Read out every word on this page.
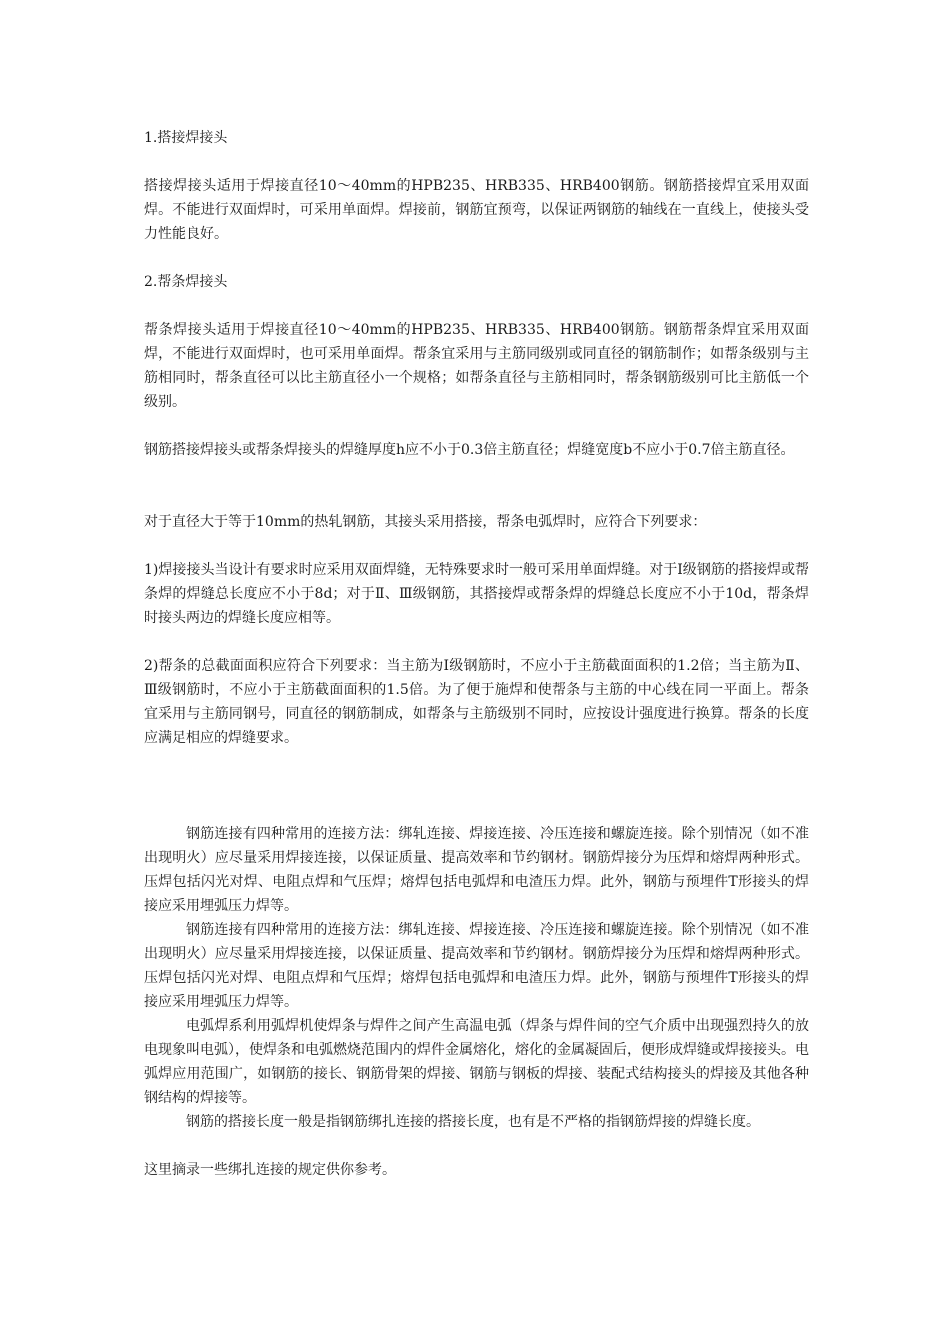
1.搭接焊接头

搭接焊接头适用于焊接直径10～40mm的HPB235、HRB335、HRB400钢筋。钢筋搭接焊宜采用双面焊。不能进行双面焊时，可采用单面焊。焊接前，钢筋宜预弯，以保证两钢筋的轴线在一直线上，使接头受力性能良好。

2.帮条焊接头

帮条焊接头适用于焊接直径10～40mm的HPB235、HRB335、HRB400钢筋。钢筋帮条焊宜采用双面焊，不能进行双面焊时，也可采用单面焊。帮条宜采用与主筋同级别或同直径的钢筋制作；如帮条级别与主筋相同时，帮条直径可以比主筋直径小一个规格；如帮条直径与主筋相同时，帮条钢筋级别可比主筋低一个级别。

钢筋搭接焊接头或帮条焊接头的焊缝厚度h应不小于0.3倍主筋直径；焊缝宽度b不应小于0.7倍主筋直径。

对于直径大于等于10mm的热轧钢筋，其接头采用搭接，帮条电弧焊时，应符合下列要求：

1)焊接接头当设计有要求时应采用双面焊缝，无特殊要求时一般可采用单面焊缝。对于Ⅰ级钢筋的搭接焊或帮条焊的焊缝总长度应不小于8d；对于Ⅱ、Ⅲ级钢筋，其搭接焊或帮条焊的焊缝总长度应不小于10d，帮条焊时接头两边的焊缝长度应相等。

2)帮条的总截面面积应符合下列要求：当主筋为Ⅰ级钢筋时，不应小于主筋截面面积的1.2倍；当主筋为Ⅱ、Ⅲ级钢筋时，不应小于主筋截面面积的1.5倍。为了便于施焊和使帮条与主筋的中心线在同一平面上。帮条宜采用与主筋同钢号，同直径的钢筋制成，如帮条与主筋级别不同时，应按设计强度进行换算。帮条的长度应满足相应的焊缝要求。

钢筋连接有四种常用的连接方法：绑轧连接、焊接连接、冷压连接和螺旋连接。除个别情况（如不准出现明火）应尽量采用焊接连接，以保证质量、提高效率和节约钢材。钢筋焊接分为压焊和熔焊两种形式。压焊包括闪光对焊、电阻点焊和气压焊；熔焊包括电弧焊和电渣压力焊。此外，钢筋与预埋件T形接头的焊接应采用埋弧压力焊等。

钢筋连接有四种常用的连接方法：绑轧连接、焊接连接、冷压连接和螺旋连接。除个别情况（如不准出现明火）应尽量采用焊接连接，以保证质量、提高效率和节约钢材。钢筋焊接分为压焊和熔焊两种形式。压焊包括闪光对焊、电阻点焊和气压焊；熔焊包括电弧焊和电渣压力焊。此外，钢筋与预埋件T形接头的焊接应采用埋弧压力焊等。

电弧焊系利用弧焊机使焊条与焊件之间产生高温电弧（焊条与焊件间的空气介质中出现强烈持久的放电现象叫电弧），使焊条和电弧燃烧范围内的焊件金属熔化，熔化的金属凝固后，便形成焊缝或焊接接头。电弧焊应用范围广，如钢筋的接长、钢筋骨架的焊接、钢筋与钢板的焊接、装配式结构接头的焊接及其他各种钢结构的焊接等。

钢筋的搭接长度一般是指钢筋绑扎连接的搭接长度，也有是不严格的指钢筋焊接的焊缝长度。

这里摘录一些绑扎连接的规定供你参考。
